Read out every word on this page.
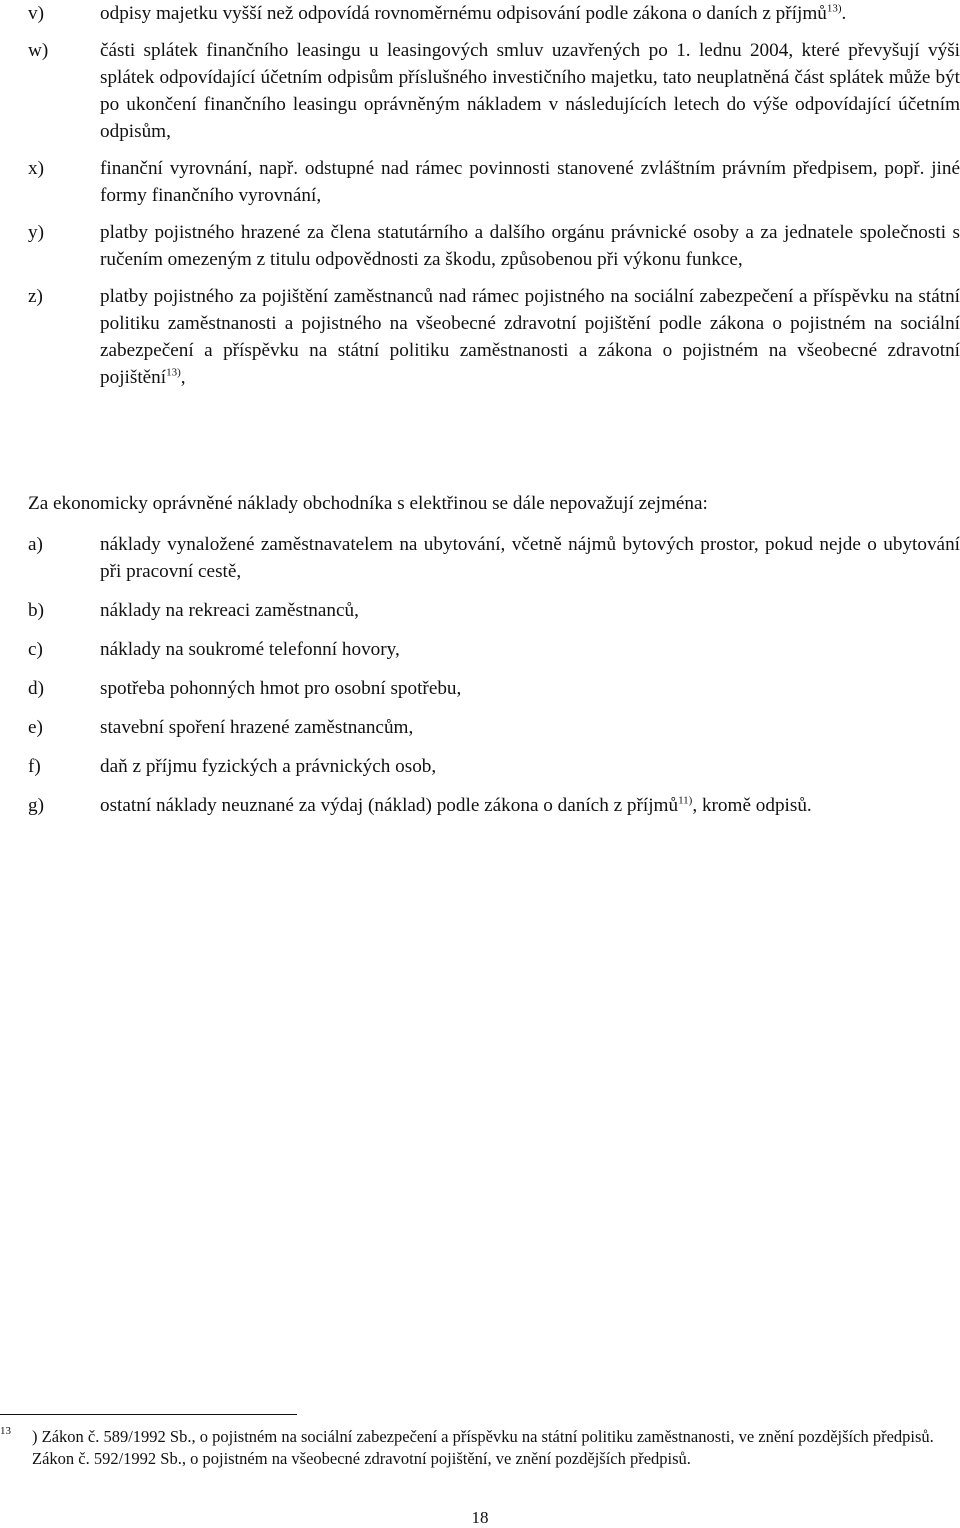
v)	odpisy majetku vyšší než odpovídá rovnoměrnému odpisování podle zákona o daních z příjmů$^{13)}$.
w)	části splátek finančního leasingu u leasingových smluv uzavřených po 1. lednu 2004, které převyšují výši splátek odpovídající účetním odpisům příslušného investičního majetku, tato neuplatněná část splátek může být po ukončení finančního leasingu oprávněným nákladem v následujících letech do výše odpovídající účetním odpisům,
x)	finanční vyrovnání, např. odstupné nad rámec povinnosti stanovené zvláštním právním předpisem, popř. jiné formy finančního vyrovnání,
y)	platby pojistného hrazené za člena statutárního a dalšího orgánu právnické osoby a za jednatele společnosti s ručením omezeným z titulu odpovědnosti za škodu, způsobenou při výkonu funkce,
z)	platby pojistného za pojištění zaměstnanců nad rámec pojistného na sociální zabezpečení a příspěvku na státní politiku zaměstnanosti a pojistného na všeobecné zdravotní pojištění podle zákona o pojistném na sociální zabezpečení a příspěvku na státní politiku zaměstnanosti a zákona o pojistném na všeobecné zdravotní pojištění$^{13)}$,
Za ekonomicky oprávněné náklady obchodníka s elektřinou se dále nepovažují zejména:
a)	náklady vynaložené zaměstnavatelem na ubytování, včetně nájmů bytových prostor, pokud nejde o ubytování při pracovní cestě,
b)	náklady na rekreaci zaměstnanců,
c)	náklady na soukromé telefonní hovory,
d)	spotřeba pohonných hmot pro osobní spotřebu,
e)	stavební spoření hrazené zaměstnancům,
f)	daň z příjmu fyzických a právnických osob,
g)	ostatní náklady neuznané za výdaj (náklad) podle zákona o daních z příjmů$^{11)}$, kromě odpisů.
13	) Zákon č. 589/1992 Sb., o pojistném na sociální zabezpečení a příspěvku na státní politiku zaměstnanosti, ve znění pozdějších předpisů.
Zákon č. 592/1992 Sb., o pojistném na všeobecné zdravotní pojištění, ve znění pozdějších předpisů.
18
